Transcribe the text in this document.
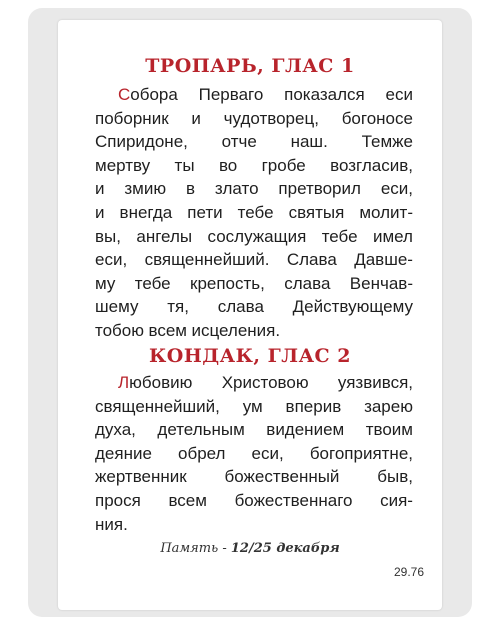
ТРОПАРЬ, ГЛАС 1
Собора Перваго показался еси
поборник и чудотворец, богоносе
Спиридоне, отче наш. Темже
мертву ты во гробе возгласив,
и змию в злато претворил еси,
и внегда пети тебе святыя молит-
вы, ангелы сослужащия тебе имел
еси, священнейший. Слава Давше-
му тебе крепость, слава Венчав-
шему тя, слава Действующему
тобою всем исцеления.
КОНДАК, ГЛАС 2
Любовию Христовою уязвився,
священнейший, ум вперив зарею
духа, детельным видением твоим
деяние обрел еси, богоприятне,
жертвенник божественный быв,
прося всем божественнаго сия-
ния.
Память - 12/25 декабря
29.76
